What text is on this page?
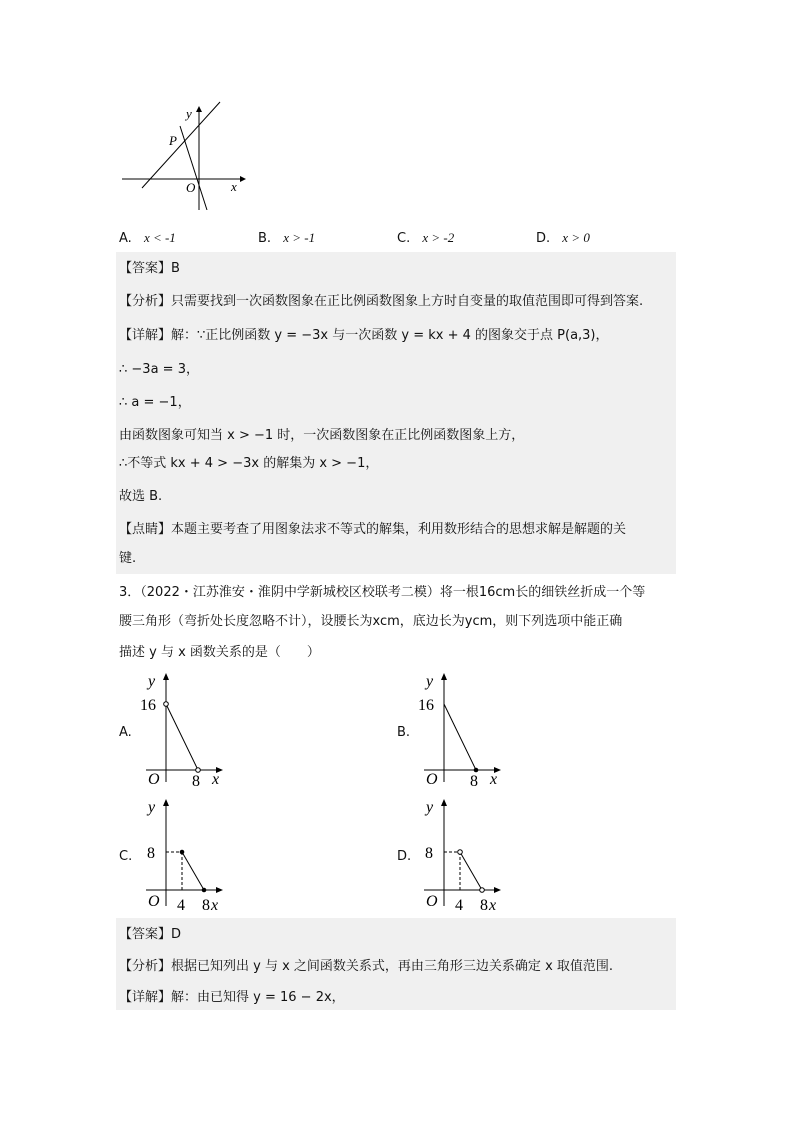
y
P
O	x
A. x < -1	B. x > -1	C. x > -2	D. x > 0
【答案】B
【分析】只需要找到一次函数图象在正比例函数图象上方时自变量的取值范围即可得到答案.
【详解】解：∵正比例函数 y = −3x 与一次函数 y = kx + 4 的图象交于点 P(a,3)，
∴ −3a = 3，
∴ a = −1，
由函数图象可知当 x > −1 时，一次函数图象在正比例函数图象上方，
∴不等式 kx + 4 > −3x 的解集为 x > −1，
故选 B.
【点睛】本题主要考查了用图象法求不等式的解集，利用数形结合的思想求解是解题的关
键.
3．（2022・江苏淮安・淮阴中学新城校区校联考二模）将一根16cm长的细铁丝折成一个等
腰三角形（弯折处长度忽略不计），设腰长为xcm，底边长为ycm，则下列选项中能正确
描述 y 与 x 函数关系的是（　　）
A.
y
16
O 8 x
B.
y
16
O 8 x
C.
y
8
O 4 8 x
D.
y
8
O 4 8 x
【答案】D
【分析】根据已知列出 y 与 x 之间函数关系式，再由三角形三边关系确定 x 取值范围.
【详解】解：由已知得 y = 16 − 2x，
